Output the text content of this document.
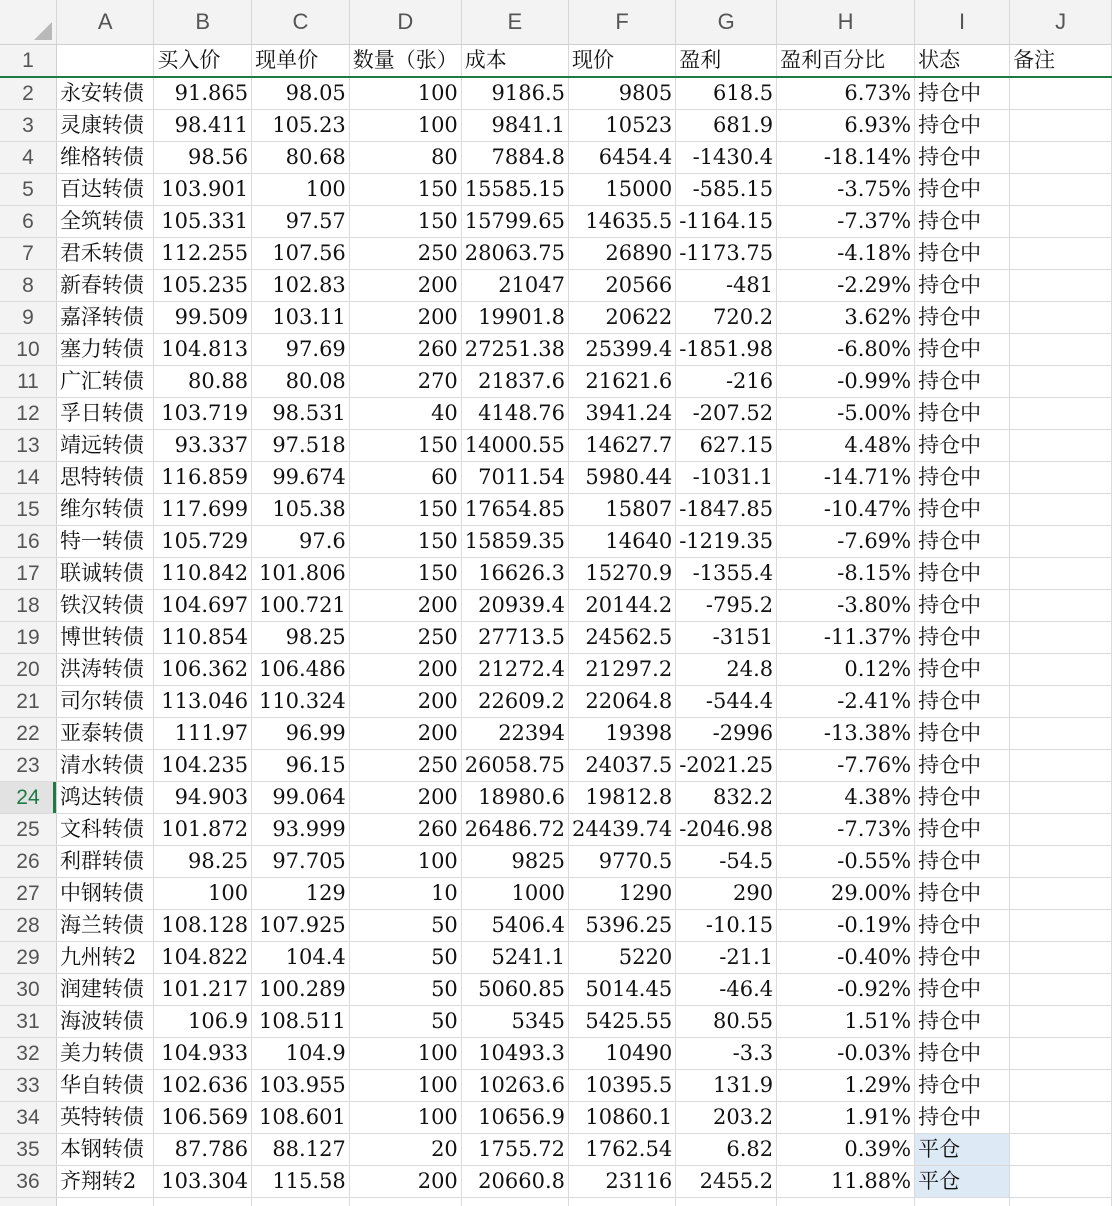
	A	B	C	D	E	F	G	H	I	J
1		买入价	现单价	数量（张）	成本	现价	盈利	盈利百分比	状态	备注
2	永安转债	91.865	98.05	100	9186.5	9805	618.5	6.73%	持仓中	
3	灵康转债	98.411	105.23	100	9841.1	10523	681.9	6.93%	持仓中	
4	维格转债	98.56	80.68	80	7884.8	6454.4	-1430.4	-18.14%	持仓中	
5	百达转债	103.901	100	150	15585.15	15000	-585.15	-3.75%	持仓中	
6	全筑转债	105.331	97.57	150	15799.65	14635.5	-1164.15	-7.37%	持仓中	
7	君禾转债	112.255	107.56	250	28063.75	26890	-1173.75	-4.18%	持仓中	
8	新春转债	105.235	102.83	200	21047	20566	-481	-2.29%	持仓中	
9	嘉泽转债	99.509	103.11	200	19901.8	20622	720.2	3.62%	持仓中	
10	塞力转债	104.813	97.69	260	27251.38	25399.4	-1851.98	-6.80%	持仓中	
11	广汇转债	80.88	80.08	270	21837.6	21621.6	-216	-0.99%	持仓中	
12	孚日转债	103.719	98.531	40	4148.76	3941.24	-207.52	-5.00%	持仓中	
13	靖远转债	93.337	97.518	150	14000.55	14627.7	627.15	4.48%	持仓中	
14	思特转债	116.859	99.674	60	7011.54	5980.44	-1031.1	-14.71%	持仓中	
15	维尔转债	117.699	105.38	150	17654.85	15807	-1847.85	-10.47%	持仓中	
16	特一转债	105.729	97.6	150	15859.35	14640	-1219.35	-7.69%	持仓中	
17	联诚转债	110.842	101.806	150	16626.3	15270.9	-1355.4	-8.15%	持仓中	
18	铁汉转债	104.697	100.721	200	20939.4	20144.2	-795.2	-3.80%	持仓中	
19	博世转债	110.854	98.25	250	27713.5	24562.5	-3151	-11.37%	持仓中	
20	洪涛转债	106.362	106.486	200	21272.4	21297.2	24.8	0.12%	持仓中	
21	司尔转债	113.046	110.324	200	22609.2	22064.8	-544.4	-2.41%	持仓中	
22	亚泰转债	111.97	96.99	200	22394	19398	-2996	-13.38%	持仓中	
23	清水转债	104.235	96.15	250	26058.75	24037.5	-2021.25	-7.76%	持仓中	
24	鸿达转债	94.903	99.064	200	18980.6	19812.8	832.2	4.38%	持仓中	
25	文科转债	101.872	93.999	260	26486.72	24439.74	-2046.98	-7.73%	持仓中	
26	利群转债	98.25	97.705	100	9825	9770.5	-54.5	-0.55%	持仓中	
27	中钢转债	100	129	10	1000	1290	290	29.00%	持仓中	
28	海兰转债	108.128	107.925	50	5406.4	5396.25	-10.15	-0.19%	持仓中	
29	九州转2	104.822	104.4	50	5241.1	5220	-21.1	-0.40%	持仓中	
30	润建转债	101.217	100.289	50	5060.85	5014.45	-46.4	-0.92%	持仓中	
31	海波转债	106.9	108.511	50	5345	5425.55	80.55	1.51%	持仓中	
32	美力转债	104.933	104.9	100	10493.3	10490	-3.3	-0.03%	持仓中	
33	华自转债	102.636	103.955	100	10263.6	10395.5	131.9	1.29%	持仓中	
34	英特转债	106.569	108.601	100	10656.9	10860.1	203.2	1.91%	持仓中	
35	本钢转债	87.786	88.127	20	1755.72	1762.54	6.82	0.39%	平仓	
36	齐翔转2	103.304	115.58	200	20660.8	23116	2455.2	11.88%	平仓	
